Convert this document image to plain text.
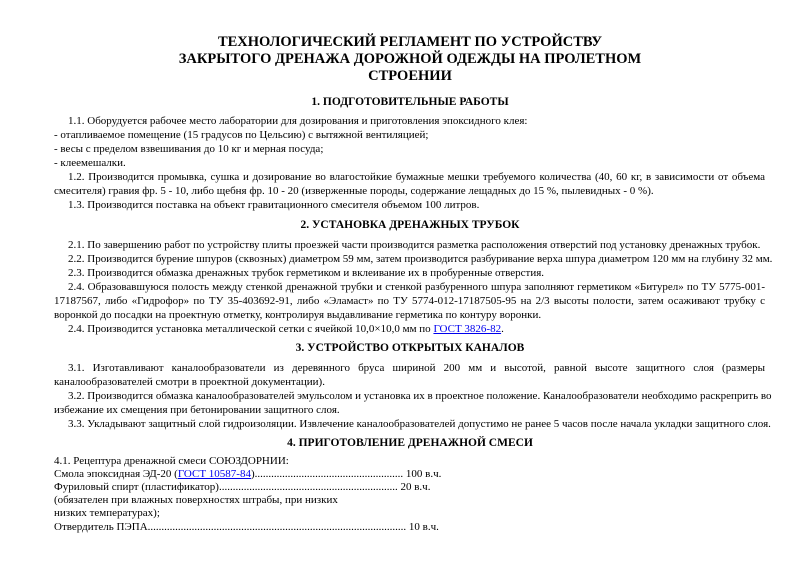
ТЕХНОЛОГИЧЕСКИЙ РЕГЛАМЕНТ ПО УСТРОЙСТВУ
ЗАКРЫТОГО ДРЕНАЖА ДОРОЖНОЙ ОДЕЖДЫ НА ПРОЛЕТНОМ
СТРОЕНИИ
1. ПОДГОТОВИТЕЛЬНЫЕ РАБОТЫ
1.1. Оборудуется рабочее место лаборатории для дозирования и приготовления эпоксидного клея:
- отапливаемое помещение (15 градусов по Цельсию) с вытяжной вентиляцией;
- весы с пределом взвешивания до 10 кг и мерная посуда;
- клеемешалки.
1.2. Производится промывка, сушка и дозирование во влагостойкие бумажные мешки требуемого количества (40, 60 кг, в зависимости от объема
смесителя) гравия фр. 5 - 10, либо щебня фр. 10 - 20 (изверженные породы, содержание лещадных до 15 %, пылевидных - 0 %).
1.3. Производится поставка на объект гравитационного смесителя объемом 100 литров.
2. УСТАНОВКА ДРЕНАЖНЫХ ТРУБОК
2.1. По завершению работ по устройству плиты проезжей части производится разметка расположения отверстий под установку дренажных трубок.
2.2. Производится бурение шпуров (сквозных) диаметром 59 мм, затем производится разбуривание верха шпура диаметром 120 мм на глубину 32 мм.
2.3. Производится обмазка дренажных трубок герметиком и вклеивание их в пробуренные отверстия.
2.4. Образовавшуюся полость между стенкой дренажной трубки и стенкой разбуренного шпура заполняют герметиком «Битурел» по ТУ 5775-001-
17187567, либо «Гидрофор» по ТУ 35-403692-91, либо «Эламаст» по ТУ 5774-012-17187505-95 на 2/3 высоты полости, затем осаживают трубку с
воронкой до посадки на проектную отметку, контролируя выдавливание герметика по контуру воронки.
2.4. Производится установка металлической сетки с ячейкой 10,0×10,0 мм по ГОСТ 3826-82.
3. УСТРОЙСТВО ОТКРЫТЫХ КАНАЛОВ
3.1. Изготавливают каналообразователи из деревянного бруса шириной 200 мм и высотой, равной высоте защитного слоя (размеры
каналообразователей смотри в проектной документации).
3.2. Производится обмазка каналообразователей эмульсолом и установка их в проектное положение. Каналообразователи необходимо раскреприть во
избежание их смещения при бетонировании защитного слоя.
3.3. Укладывают защитный слой гидроизоляции. Извлечение каналообразователей допустимо не ранее 5 часов после начала укладки защитного слоя.
4. ПРИГОТОВЛЕНИЕ ДРЕНАЖНОЙ СМЕСИ
4.1. Рецептура дренажной смеси СОЮЗДОРНИИ:
Смола эпоксидная ЭД-20 (ГОСТ 10587-84)...................................................... 100 в.ч.
Фуриловый спирт (пластификатор)................................................................. 20 в.ч.
(обязателен при влажных поверхностях штрабы, при низких
низких температурах);
Отвердитель ПЭПА.............................................................................................. 10 в.ч.
